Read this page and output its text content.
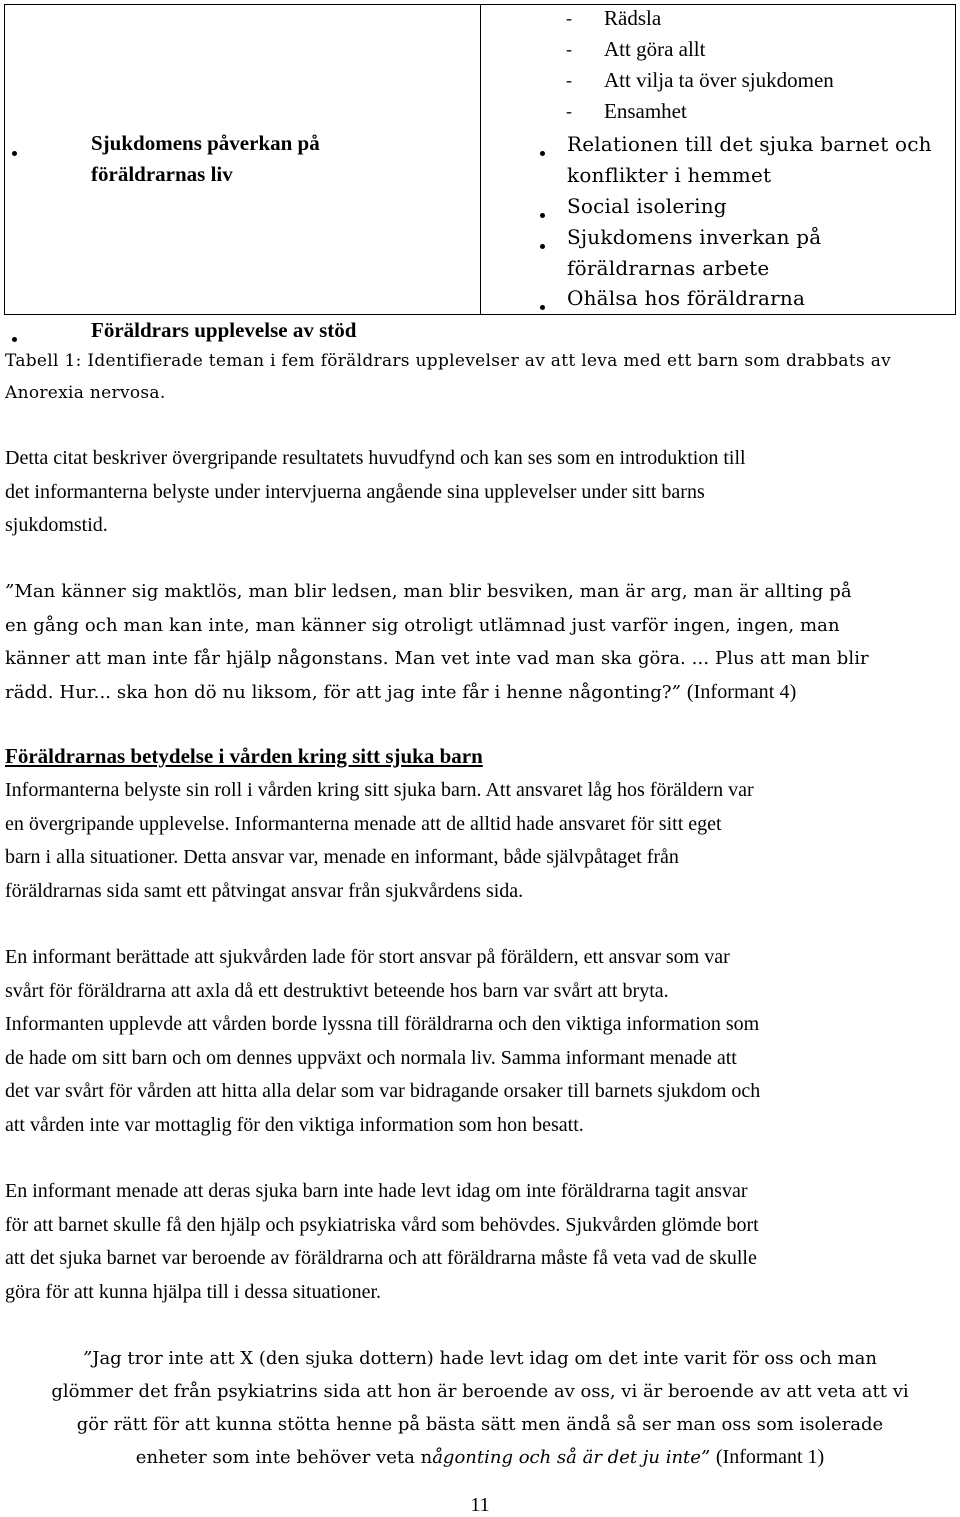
- Rädsla
- Att göra allt
- Att vilja ta över sjukdomen
- Ensamhet
Sjukdomens påverkan på
föräldrarnas liv
Relationen till det sjuka barnet och
konflikter i hemmet
Social isolering
Sjukdomens inverkan på
föräldrarnas arbete
Ohälsa hos föräldrarna
Föräldrars upplevelse av stöd
Tabell 1: Identifierade teman i fem föräldrars upplevelser av att leva med ett barn som drabbats av
Anorexia nervosa.
Detta citat beskriver övergripande resultatets huvudfynd och kan ses som en introduktion till
det informanterna belyste under intervjuerna angående sina upplevelser under sitt barns
sjukdomstid.
”Man känner sig maktlös, man blir ledsen, man blir besviken, man är arg, man är allting på
en gång och man kan inte, man känner sig otroligt utlämnad just varför ingen, ingen, man
känner att man inte får hjälp någonstans. Man vet inte vad man ska göra. ... Plus att man blir
rädd. Hur... ska hon dö nu liksom, för att jag inte får i henne någonting?” (Informant 4)
Föräldrarnas betydelse i vården kring sitt sjuka barn
Informanterna belyste sin roll i vården kring sitt sjuka barn. Att ansvaret låg hos föräldern var
en övergripande upplevelse. Informanterna menade att de alltid hade ansvaret för sitt eget
barn i alla situationer. Detta ansvar var, menade en informant, både självpåtaget från
föräldrarnas sida samt ett påtvingat ansvar från sjukvårdens sida.
En informant berättade att sjukvården lade för stort ansvar på föräldern, ett ansvar som var
svårt för föräldrarna att axla då ett destruktivt beteende hos barn var svårt att bryta.
Informanten upplevde att vården borde lyssna till föräldrarna och den viktiga information som
de hade om sitt barn och om dennes uppväxt och normala liv. Samma informant menade att
det var svårt för vården att hitta alla delar som var bidragande orsaker till barnets sjukdom och
att vården inte var mottaglig för den viktiga information som hon besatt.
En informant menade att deras sjuka barn inte hade levt idag om inte föräldrarna tagit ansvar
för att barnet skulle få den hjälp och psykiatriska vård som behövdes. Sjukvården glömde bort
att det sjuka barnet var beroende av föräldrarna och att föräldrarna måste få veta vad de skulle
göra för att kunna hjälpa till i dessa situationer.
”Jag tror inte att X (den sjuka dottern) hade levt idag om det inte varit för oss och man
glömmer det från psykiatrins sida att hon är beroende av oss, vi är beroende av att veta att vi
gör rätt för att kunna stötta henne på bästa sätt men ändå så ser man oss som isolerade
enheter som inte behöver veta någonting och så är det ju inte” (Informant 1)
11
